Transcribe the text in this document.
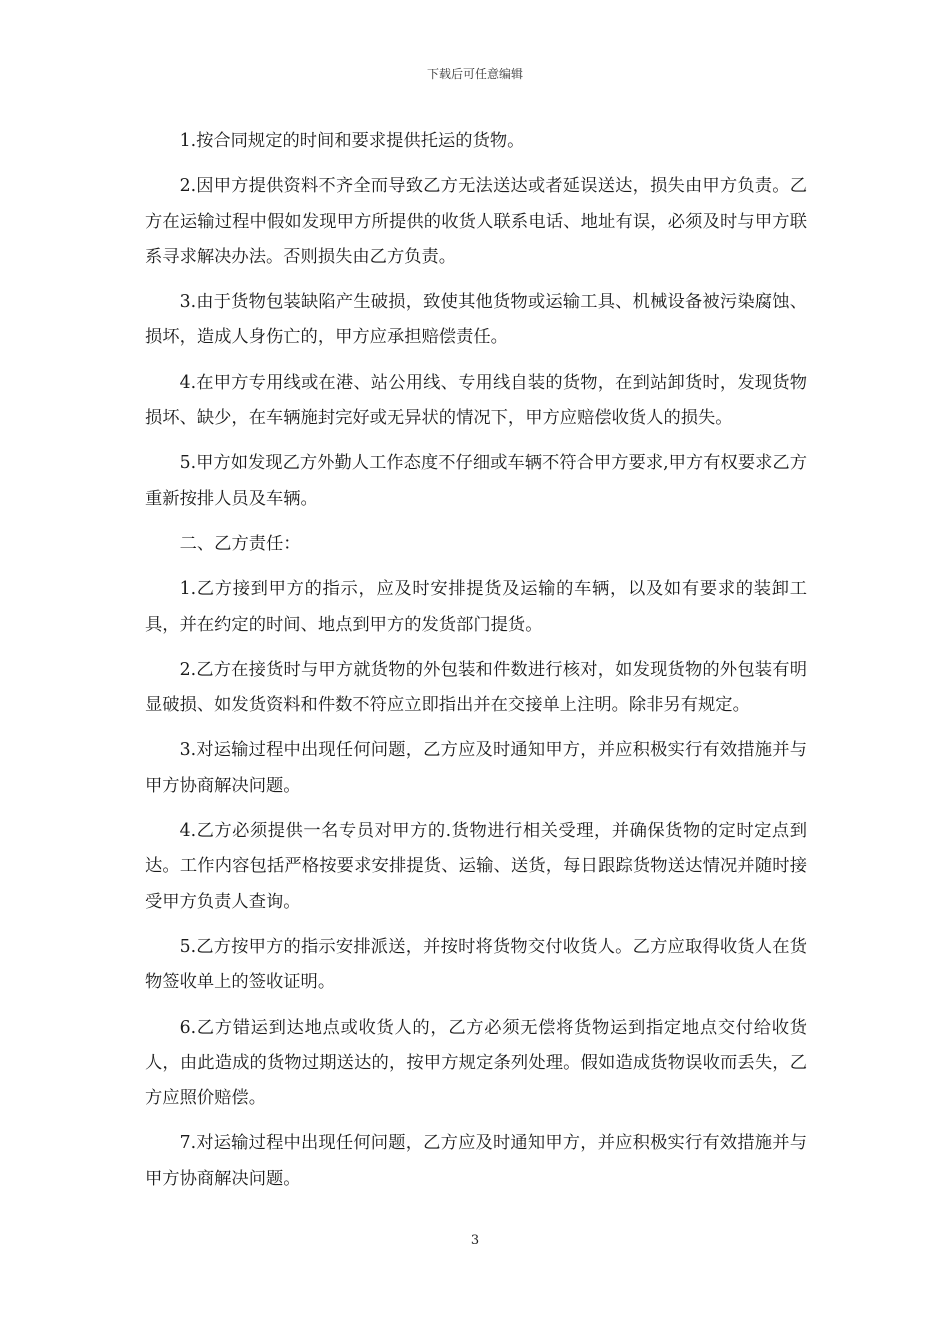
下载后可任意编辑

1.按合同规定的时间和要求提供托运的货物。

2.因甲方提供资料不齐全而导致乙方无法送达或者延误送达，损失由甲方负责。乙方在运输过程中假如发现甲方所提供的收货人联系电话、地址有误，必须及时与甲方联系寻求解决办法。否则损失由乙方负责。

3.由于货物包装缺陷产生破损，致使其他货物或运输工具、机械设备被污染腐蚀、损坏，造成人身伤亡的，甲方应承担赔偿责任。

4.在甲方专用线或在港、站公用线、专用线自装的货物，在到站卸货时，发现货物损坏、缺少，在车辆施封完好或无异状的情况下，甲方应赔偿收货人的损失。

5.甲方如发现乙方外勤人工作态度不仔细或车辆不符合甲方要求,甲方有权要求乙方重新按排人员及车辆。

二、乙方责任：

1.乙方接到甲方的指示，应及时安排提货及运输的车辆，以及如有要求的装卸工具，并在约定的时间、地点到甲方的发货部门提货。

2.乙方在接货时与甲方就货物的外包装和件数进行核对，如发现货物的外包装有明显破损、如发货资料和件数不符应立即指出并在交接单上注明。除非另有规定。

3.对运输过程中出现任何问题，乙方应及时通知甲方，并应积极实行有效措施并与甲方协商解决问题。

4.乙方必须提供一名专员对甲方的.货物进行相关受理，并确保货物的定时定点到达。工作内容包括严格按要求安排提货、运输、送货，每日跟踪货物送达情况并随时接受甲方负责人查询。

5.乙方按甲方的指示安排派送，并按时将货物交付收货人。乙方应取得收货人在货物签收单上的签收证明。

6.乙方错运到达地点或收货人的，乙方必须无偿将货物运到指定地点交付给收货人，由此造成的货物过期送达的，按甲方规定条列处理。假如造成货物误收而丢失，乙方应照价赔偿。

7.对运输过程中出现任何问题，乙方应及时通知甲方，并应积极实行有效措施并与甲方协商解决问题。

3
